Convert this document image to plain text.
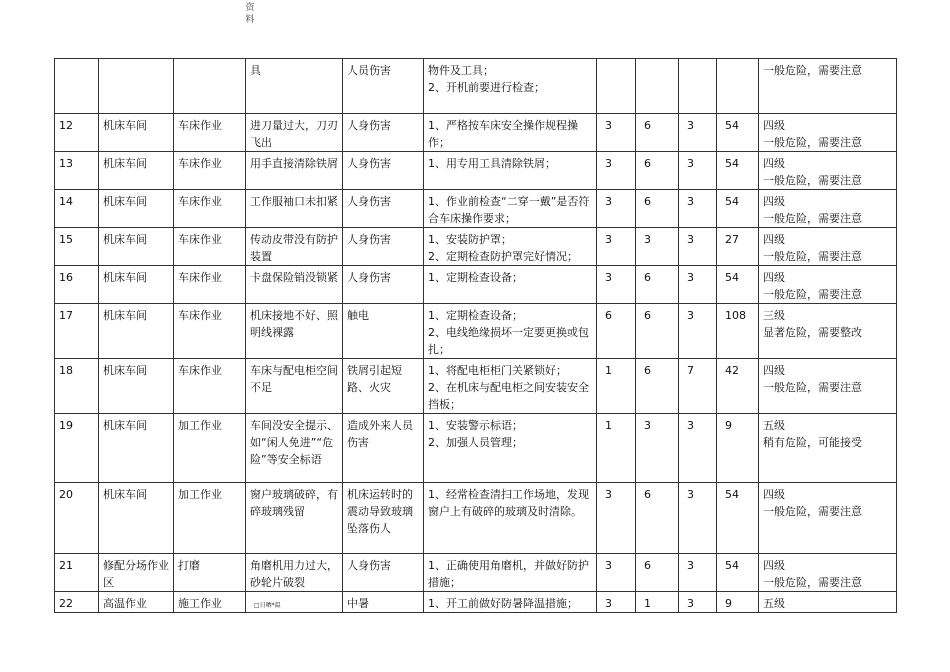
资料
			具	人员伤害	物件及工具；
2、开机前要进行检查；					一般危险，需要注意

12	机床车间	车床作业	进刀量过大，刀刃飞出	人身伤害	1、严格按车床安全操作规程操作；	3	6	3	54	四级
一般危险，需要注意

13	机床车间	车床作业	用手直接清除铁屑	人身伤害	1、用专用工具清除铁屑；	3	6	3	54	四级
一般危险，需要注意

14	机床车间	车床作业	工作服袖口未扣紧	人身伤害	1、作业前检查“二穿一戴”是否符合车床操作要求；	3	6	3	54	四级
一般危险，需要注意

15	机床车间	车床作业	传动皮带没有防护装置	人身伤害	1、安装防护罩；
2、定期检查防护罩完好情况；	3	3	3	27	四级
一般危险，需要注意

16	机床车间	车床作业	卡盘保险销没锁紧	人身伤害	1、定期检查设备；	3	6	3	54	四级
一般危险，需要注意

17	机床车间	车床作业	机床接地不好、照明线裸露	触电	1、定期检查设备；
2、电线绝缘损坏一定要更换或包扎；	6	6	3	108	三级
显著危险，需要整改

18	机床车间	车床作业	车床与配电柜空间不足	铁屑引起短路、火灾	1、将配电柜柜门关紧锁好；
2、在机床与配电柜之间安装安全挡板；	1	6	7	42	四级
一般危险，需要注意

19	机床车间	加工作业	车间没安全提示、如“闲人免进”“危险”等安全标语	造成外来人员伤害	1、安装警示标语；
2、加强人员管理；	1	3	3	9	五级
稍有危险，可能接受

20	机床车间	加工作业	窗户玻璃破碎，有碎玻璃残留	机床运转时的震动导致玻璃坠落伤人	1、经常检查清扫工作场地，发现窗户上有破碎的玻璃及时清除。	3	6	3	54	四级
一般危险，需要注意

21	修配分场作业区	打磨	角磨机用力过大，砂轮片破裂	人身伤害	1、正确使用角磨机，并做好防护措施；	3	6	3	54	四级
一般危险，需要注意

22	高温作业	施工作业	□日晒*温	中暑	1、开工前做好防暑降温措施；	3	1	3	9	五级
